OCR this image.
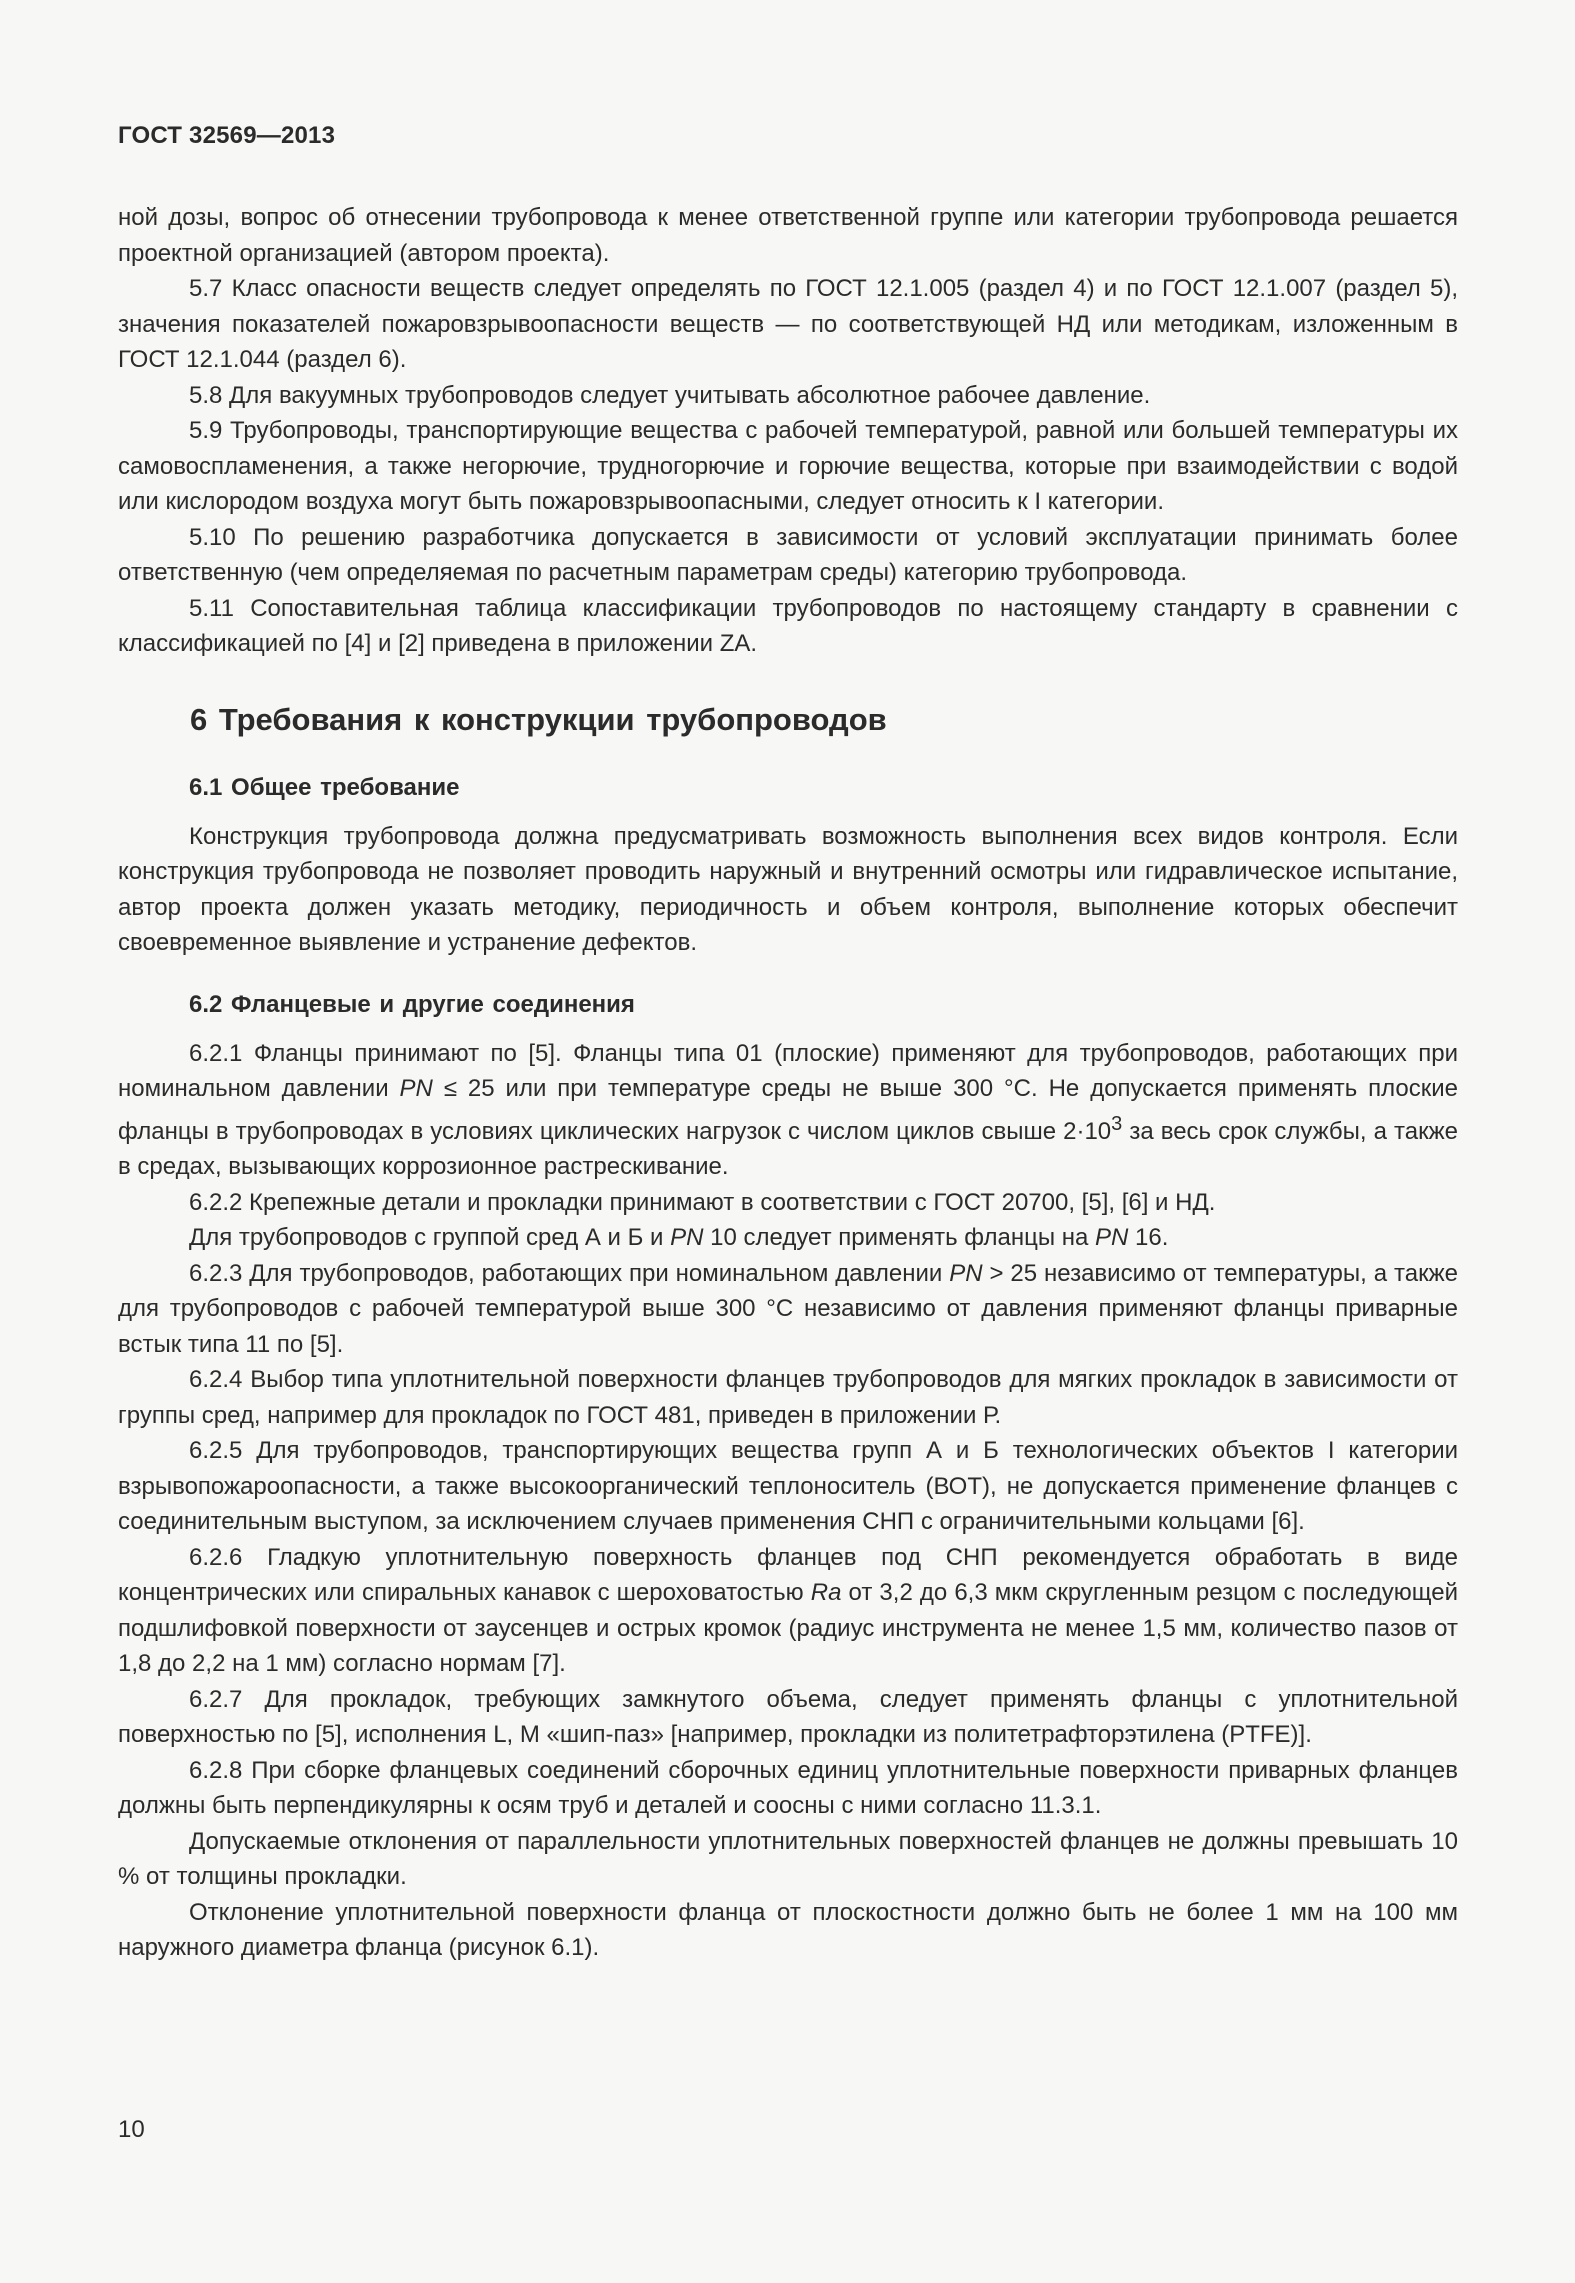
ГОСТ 32569—2013

ной дозы, вопрос об отнесении трубопровода к менее ответственной группе или категории трубопровода решается проектной организацией (автором проекта).

5.7 Класс опасности веществ следует определять по ГОСТ 12.1.005 (раздел 4) и по ГОСТ 12.1.007 (раздел 5), значения показателей пожаровзрывоопасности веществ — по соответствующей НД или методикам, изложенным в ГОСТ 12.1.044 (раздел 6).

5.8 Для вакуумных трубопроводов следует учитывать абсолютное рабочее давление.

5.9 Трубопроводы, транспортирующие вещества с рабочей температурой, равной или большей температуры их самовоспламенения, а также негорючие, трудногорючие и горючие вещества, которые при взаимодействии с водой или кислородом воздуха могут быть пожаровзрывоопасными, следует относить к I категории.

5.10 По решению разработчика допускается в зависимости от условий эксплуатации принимать более ответственную (чем определяемая по расчетным параметрам среды) категорию трубопровода.

5.11 Сопоставительная таблица классификации трубопроводов по настоящему стандарту в сравнении с классификацией по [4] и [2] приведена в приложении ZA.

6 Требования к конструкции трубопроводов
6.1 Общее требование

Конструкция трубопровода должна предусматривать возможность выполнения всех видов контроля. Если конструкция трубопровода не позволяет проводить наружный и внутренний осмотры или гидравлическое испытание, автор проекта должен указать методику, периодичность и объем контроля, выполнение которых обеспечит своевременное выявление и устранение дефектов.

6.2 Фланцевые и другие соединения

6.2.1 Фланцы принимают по [5]. Фланцы типа 01 (плоские) применяют для трубопроводов, работающих при номинальном давлении PN ≤ 25 или при температуре среды не выше 300 °С. Не допускается применять плоские фланцы в трубопроводах в условиях циклических нагрузок с числом циклов свыше $2\cdot 10^3$ за весь срок службы, а также в средах, вызывающих коррозионное растрескивание.

6.2.2 Крепежные детали и прокладки принимают в соответствии с ГОСТ 20700, [5], [6] и НД.

Для трубопроводов с группой сред А и Б и PN 10 следует применять фланцы на PN 16.

6.2.3 Для трубопроводов, работающих при номинальном давлении PN > 25 независимо от температуры, а также для трубопроводов с рабочей температурой выше 300 °С независимо от давления применяют фланцы приварные встык типа 11 по [5].

6.2.4 Выбор типа уплотнительной поверхности фланцев трубопроводов для мягких прокладок в зависимости от группы сред, например для прокладок по ГОСТ 481, приведен в приложении Р.

6.2.5 Для трубопроводов, транспортирующих вещества групп А и Б технологических объектов I категории взрывопожароопасности, а также высокоорганический теплоноситель (ВОТ), не допускается применение фланцев с соединительным выступом, за исключением случаев применения СНП с ограничительными кольцами [6].

6.2.6 Гладкую уплотнительную поверхность фланцев под СНП рекомендуется обработать в виде концентрических или спиральных канавок с шероховатостью Ra от 3,2 до 6,3 мкм скругленным резцом с последующей подшлифовкой поверхности от заусенцев и острых кромок (радиус инструмента не менее 1,5 мм, количество пазов от 1,8 до 2,2 на 1 мм) согласно нормам [7].

6.2.7 Для прокладок, требующих замкнутого объема, следует применять фланцы с уплотнительной поверхностью по [5], исполнения L, M «шип-паз» [например, прокладки из политетрафторэтилена (PTFE)].

6.2.8 При сборке фланцевых соединений сборочных единиц уплотнительные поверхности приварных фланцев должны быть перпендикулярны к осям труб и деталей и соосны с ними согласно 11.3.1.

Допускаемые отклонения от параллельности уплотнительных поверхностей фланцев не должны превышать 10 % от толщины прокладки.

Отклонение уплотнительной поверхности фланца от плоскостности должно быть не более 1 мм на 100 мм наружного диаметра фланца (рисунок 6.1).

10
